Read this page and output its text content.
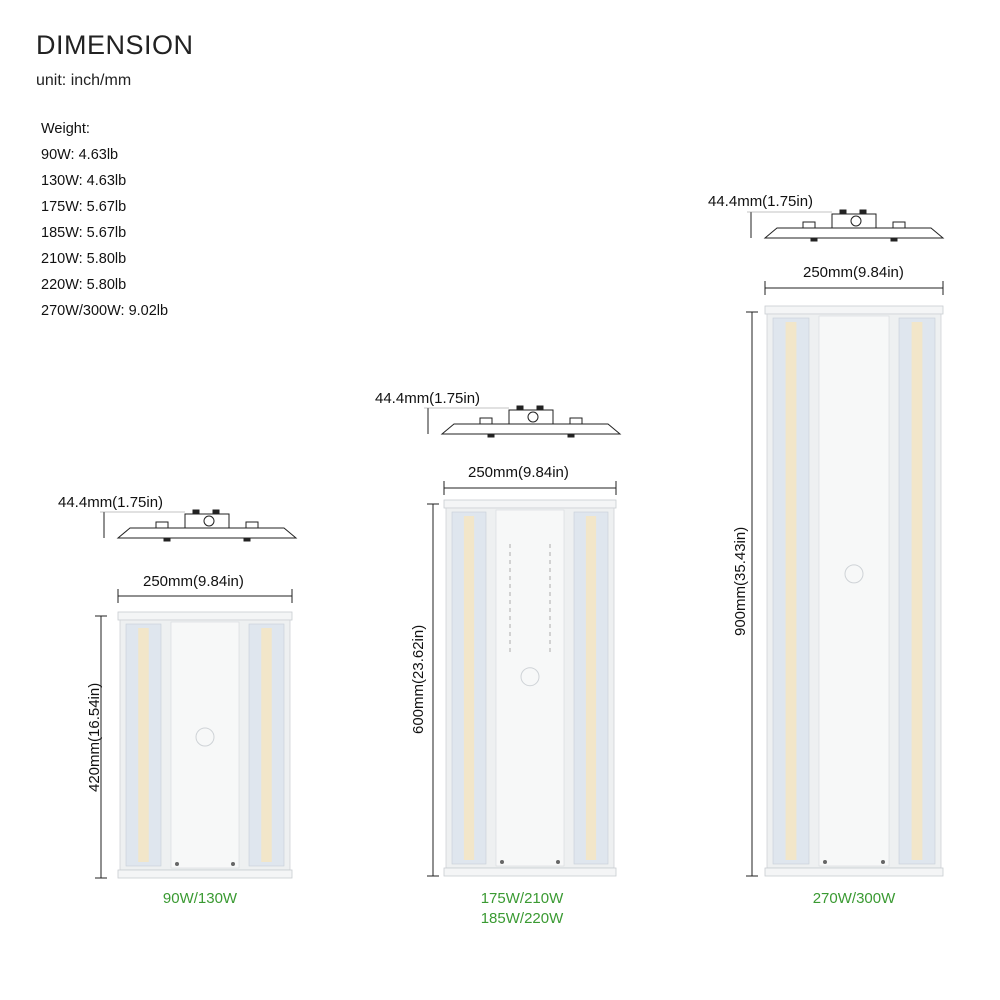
DIMENSION
unit: inch/mm
Weight:
90W: 4.63lb
130W: 4.63lb
175W: 5.67lb
185W: 5.67lb
210W: 5.80lb
220W: 5.80lb
270W/300W: 9.02lb
44.4mm(1.75in)
250mm(9.84in)
420mm(16.54in)
90W/130W
44.4mm(1.75in)
250mm(9.84in)
600mm(23.62in)
175W/210W
185W/220W
44.4mm(1.75in)
250mm(9.84in)
900mm(35.43in)
270W/300W
